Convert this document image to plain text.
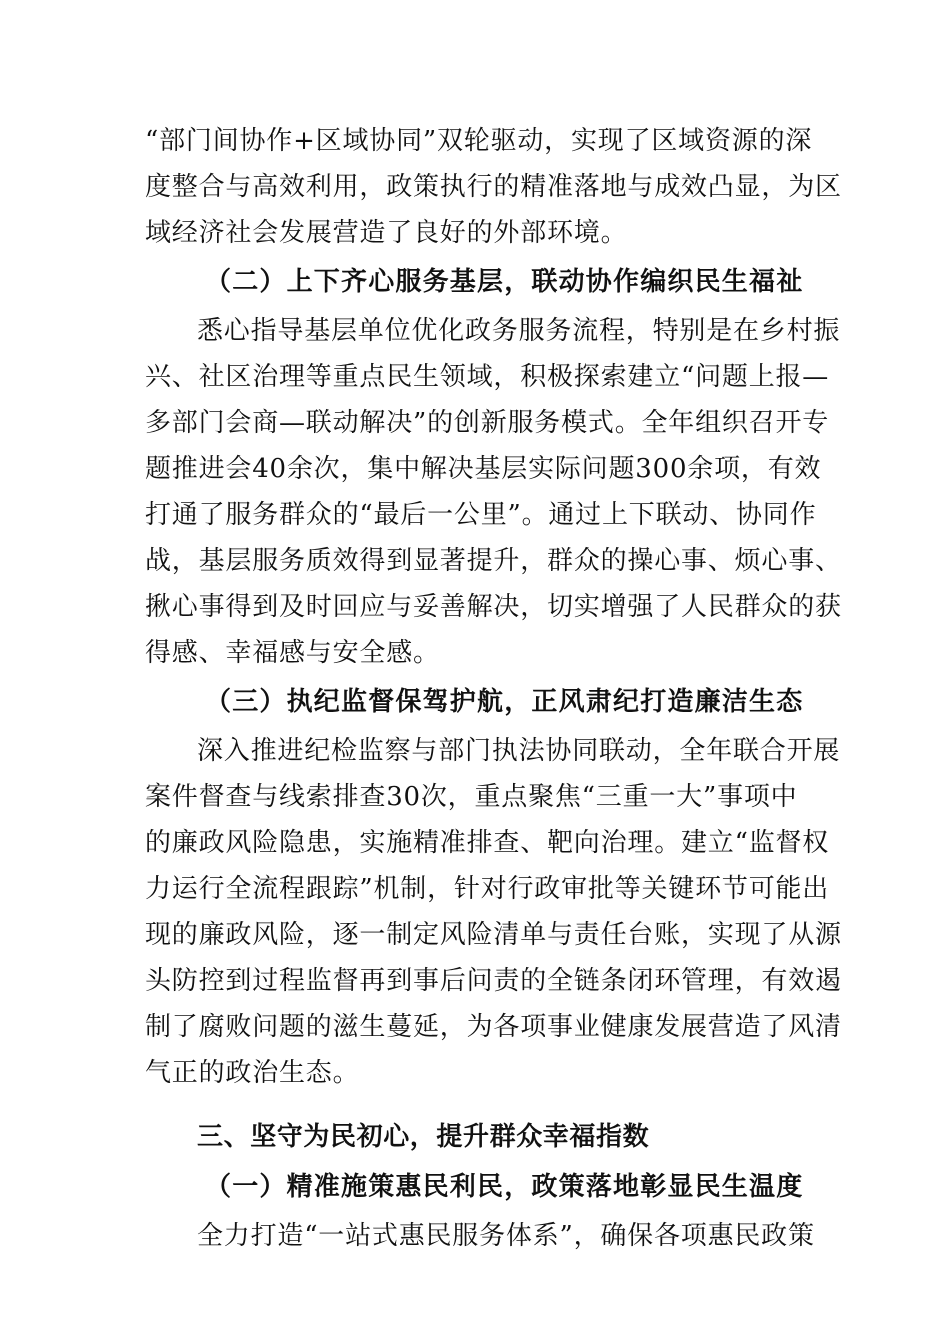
“部门间协作+区域协同”双轮驱动，实现了区域资源的深
度整合与高效利用，政策执行的精准落地与成效凸显，为区
域经济社会发展营造了良好的外部环境。
（二）上下齐心服务基层，联动协作编织民生福祉
悉心指导基层单位优化政务服务流程，特别是在乡村振
兴、社区治理等重点民生领域，积极探索建立“问题上报—
多部门会商—联动解决”的创新服务模式。全年组织召开专
题推进会40余次，集中解决基层实际问题300余项，有效
打通了服务群众的“最后一公里”。通过上下联动、协同作
战，基层服务质效得到显著提升，群众的操心事、烦心事、
揪心事得到及时回应与妥善解决，切实增强了人民群众的获
得感、幸福感与安全感。
（三）执纪监督保驾护航，正风肃纪打造廉洁生态
深入推进纪检监察与部门执法协同联动，全年联合开展
案件督查与线索排查30次，重点聚焦“三重一大”事项中
的廉政风险隐患，实施精准排查、靶向治理。建立“监督权
力运行全流程跟踪”机制，针对行政审批等关键环节可能出
现的廉政风险，逐一制定风险清单与责任台账，实现了从源
头防控到过程监督再到事后问责的全链条闭环管理，有效遏
制了腐败问题的滋生蔓延，为各项事业健康发展营造了风清
气正的政治生态。
三、坚守为民初心，提升群众幸福指数
（一）精准施策惠民利民，政策落地彰显民生温度
全力打造“一站式惠民服务体系”，确保各项惠民政策
